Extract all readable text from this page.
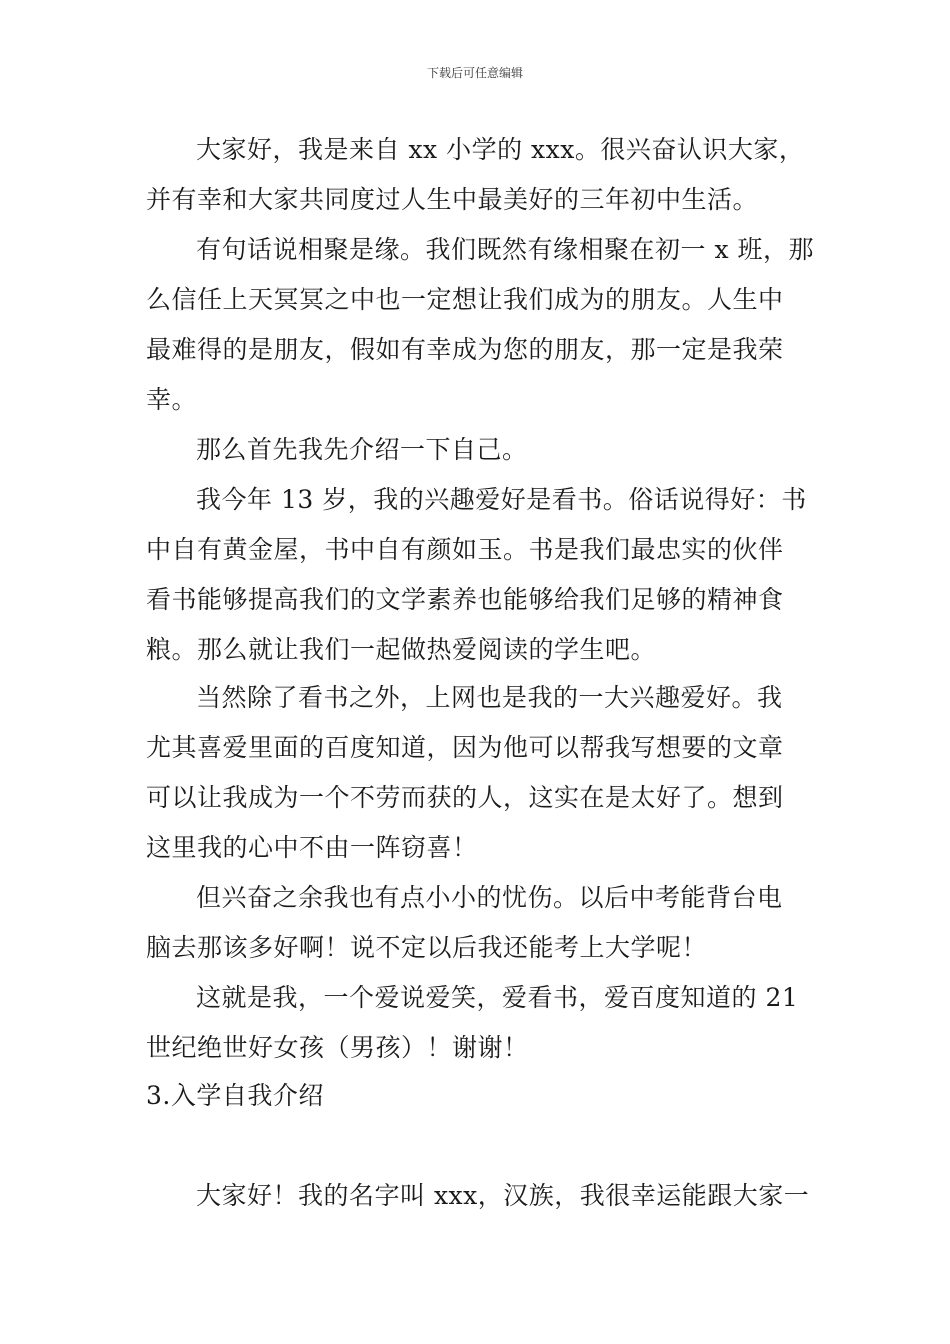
下载后可任意编辑
大家好，我是来自 xx 小学的 xxx。很兴奋认识大家，
并有幸和大家共同度过人生中最美好的三年初中生活。
有句话说相聚是缘。我们既然有缘相聚在初一 x 班，那
么信任上天冥冥之中也一定想让我们成为的朋友。人生中
最难得的是朋友，假如有幸成为您的朋友，那一定是我荣
幸。
那么首先我先介绍一下自己。
我今年 13 岁，我的兴趣爱好是看书。俗话说得好：书
中自有黄金屋，书中自有颜如玉。书是我们最忠实的伙伴
看书能够提高我们的文学素养也能够给我们足够的精神食
粮。那么就让我们一起做热爱阅读的学生吧。
当然除了看书之外，上网也是我的一大兴趣爱好。我
尤其喜爱里面的百度知道，因为他可以帮我写想要的文章
可以让我成为一个不劳而获的人，这实在是太好了。想到
这里我的心中不由一阵窃喜！
但兴奋之余我也有点小小的忧伤。以后中考能背台电
脑去那该多好啊！说不定以后我还能考上大学呢！
这就是我，一个爱说爱笑，爱看书，爱百度知道的 21
世纪绝世好女孩（男孩）！谢谢！
3.入学自我介绍
大家好！我的名字叫 xxx，汉族，我很幸运能跟大家一
